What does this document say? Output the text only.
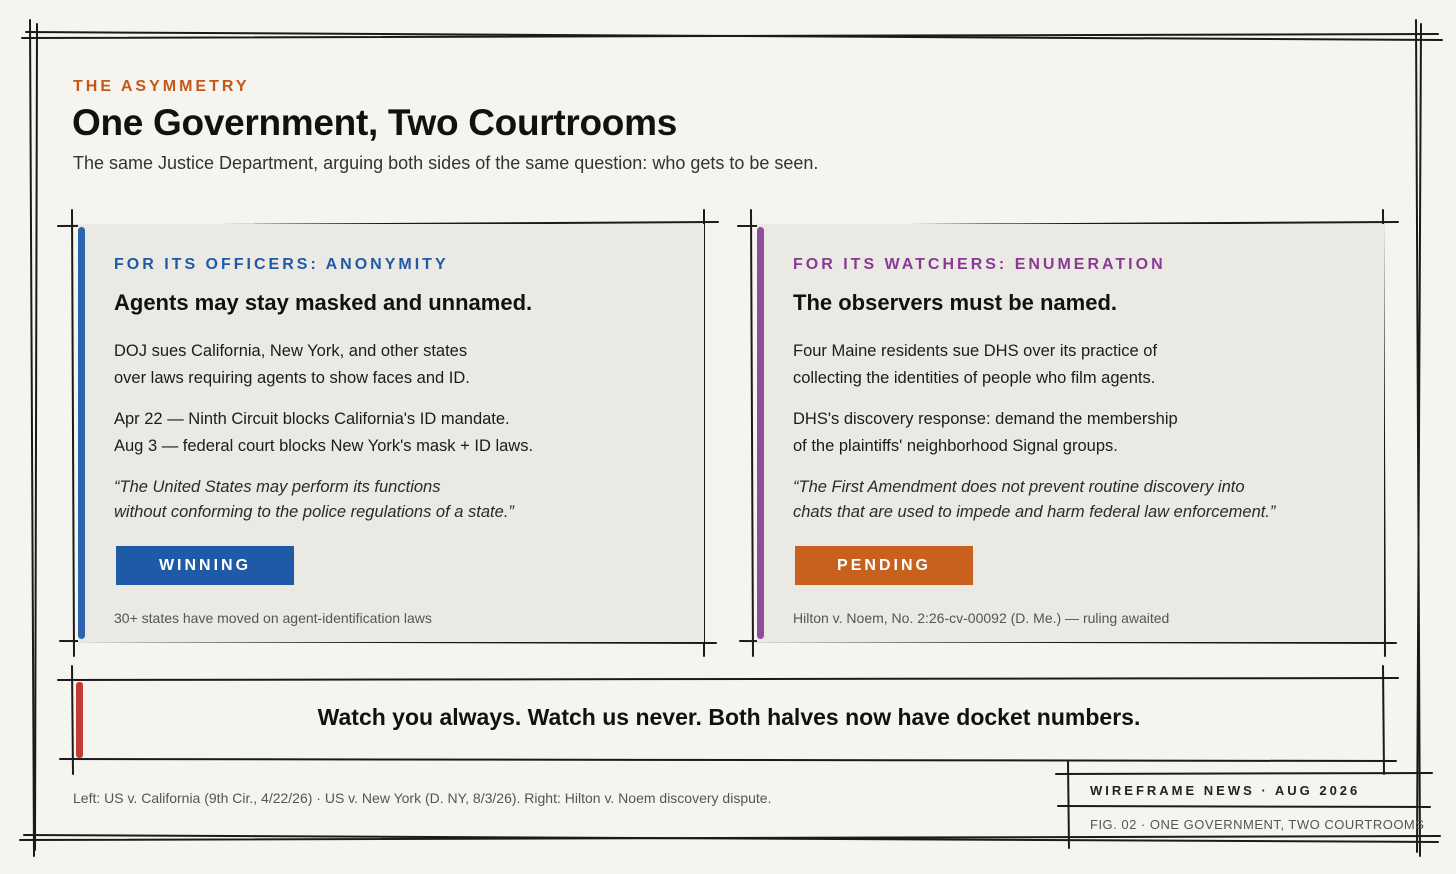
THE ASYMMETRY
One Government, Two Courtrooms
The same Justice Department, arguing both sides of the same question: who gets to be seen.
FOR ITS OFFICERS: ANONYMITY
Agents may stay masked and unnamed.
DOJ sues California, New York, and other states
over laws requiring agents to show faces and ID.
Apr 22 — Ninth Circuit blocks California's ID mandate.
Aug 3 — federal court blocks New York's mask + ID laws.
“The United States may perform its functions
without conforming to the police regulations of a state.”
WINNING
30+ states have moved on agent-identification laws
FOR ITS WATCHERS: ENUMERATION
The observers must be named.
Four Maine residents sue DHS over its practice of
collecting the identities of people who film agents.
DHS's discovery response: demand the membership
of the plaintiffs' neighborhood Signal groups.
“The First Amendment does not prevent routine discovery into
chats that are used to impede and harm federal law enforcement.”
PENDING
Hilton v. Noem, No. 2:26-cv-00092 (D. Me.) — ruling awaited
Watch you always. Watch us never. Both halves now have docket numbers.
Left: US v. California (9th Cir., 4/22/26) · US v. New York (D. NY, 8/3/26). Right: Hilton v. Noem discovery dispute.	WIREFRAME NEWS · AUG 2026
FIG. 02 · ONE GOVERNMENT, TWO COURTROOMS
